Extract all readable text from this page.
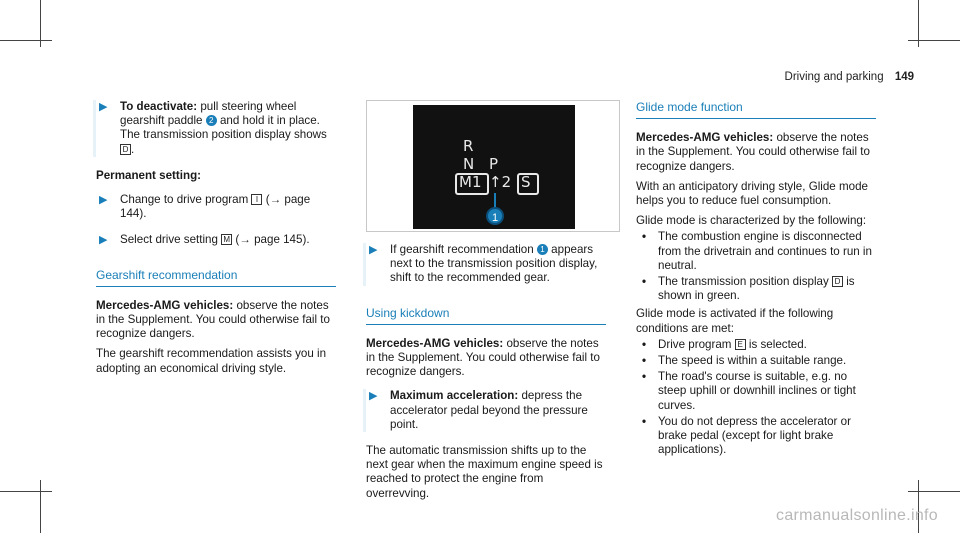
Driving and parking 149
▶ To deactivate: pull steering wheel gearshift paddle 2 and hold it in place.
The transmission position display shows D .

Permanent setting:

▶ Change to drive program I (→ page 144).
▶ Select drive setting M (→ page 145).
Gearshift recommendation

Mercedes-AMG vehicles: observe the notes in the Supplement. You could otherwise fail to recognize dangers.

The gearshift recommendation assists you in adopting an economical driving style.

R
N P
M1 ↑2 S
1
▶ If gearshift recommendation 1 appears next to the transmission position display, shift to the recommended gear.
Using kickdown

Mercedes-AMG vehicles: observe the notes in the Supplement. You could otherwise fail to recognize dangers.

▶ Maximum acceleration: depress the accelerator pedal beyond the pressure point.

The automatic transmission shifts up to the next gear when the maximum engine speed is reached to protect the engine from overrevving.

Glide mode function

Mercedes-AMG vehicles: observe the notes in the Supplement. You could otherwise fail to recognize dangers.

With an anticipatory driving style, Glide mode helps you to reduce fuel consumption.

Glide mode is characterized by the following:

• The combustion engine is disconnected from the drivetrain and continues to run in neutral.
• The transmission position display D is shown in green.

Glide mode is activated if the following conditions are met:

• Drive program E is selected.
• The speed is within a suitable range.
• The road's course is suitable, e.g. no steep uphill or downhill inclines or tight curves.
• You do not depress the accelerator or brake pedal (except for light brake applications).
carmanualsonline.info
